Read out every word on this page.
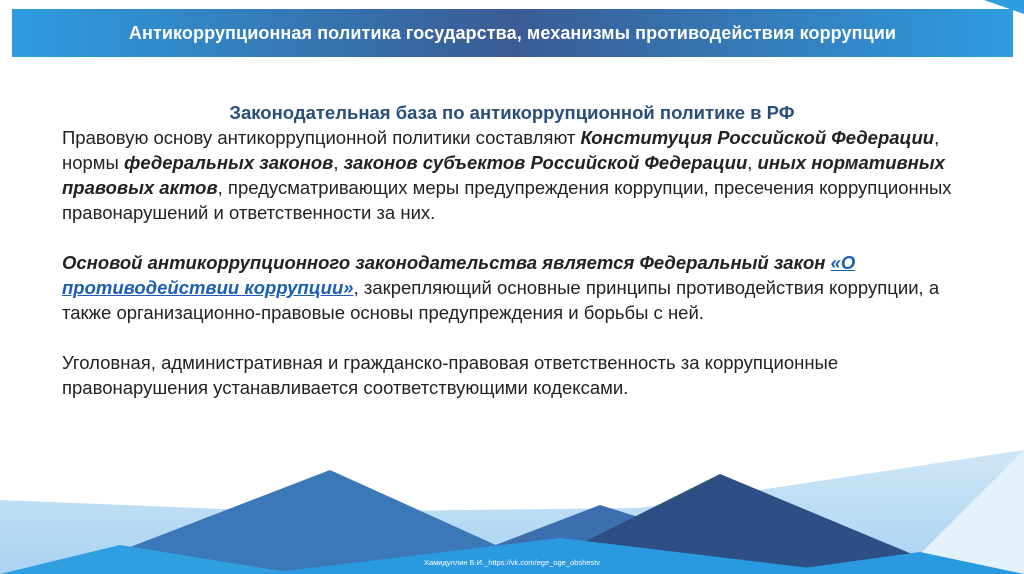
Антикоррупционная политика государства, механизмы противодействия коррупции

Законодательная база по антикоррупционной политике в РФ

Правовую основу антикоррупционной политики составляют Конституция Российской Федерации, нормы федеральных законов, законов субъектов Российской Федерации, иных нормативных правовых актов, предусматривающих меры предупреждения коррупции, пресечения коррупционных правонарушений и ответственности за них.

Основой антикоррупционного законодательства является Федеральный закон «О противодействии коррупции», закрепляющий основные принципы противодействия коррупции, а также организационно-правовые основы предупреждения и борьбы с ней.

Уголовная, административная и гражданско-правовая ответственность за коррупционные правонарушения устанавливается соответствующими кодексами.

Хамидуллин Б.И._https://vk.com/ege_oge_obshestv
